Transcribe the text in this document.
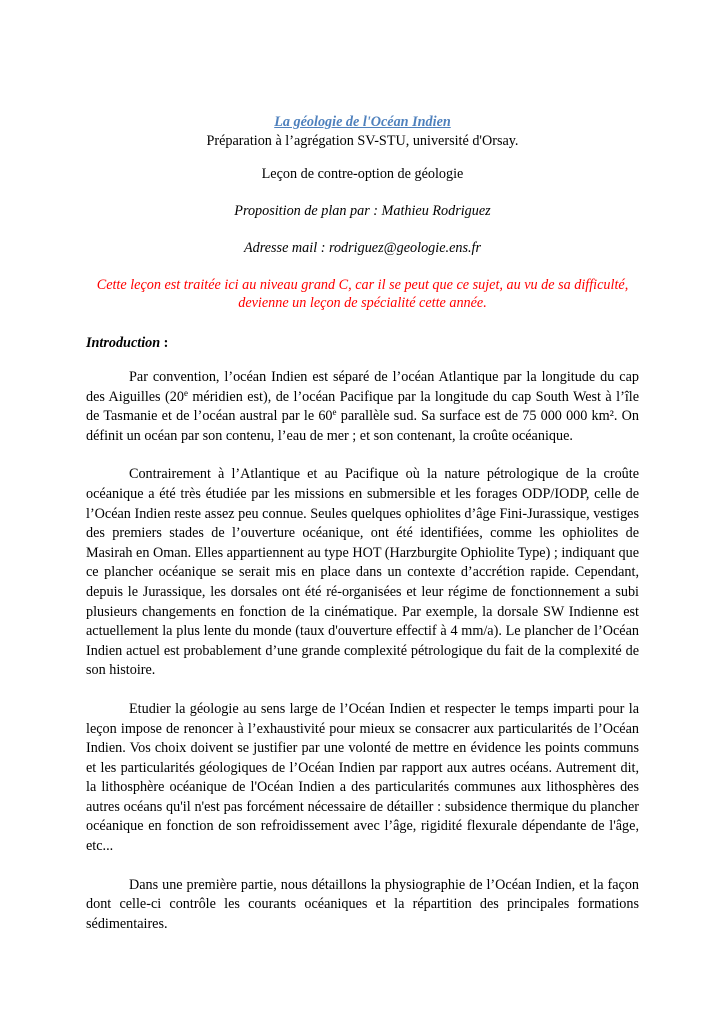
La géologie de l'Océan Indien

Préparation à l’agrégation SV-STU, université d'Orsay.

Leçon de contre-option de géologie

Proposition de plan par : Mathieu Rodriguez

Adresse mail : rodriguez@geologie.ens.fr

Cette leçon est traitée ici au niveau grand C, car il se peut que ce sujet, au vu de sa difficulté, devienne un leçon de spécialité cette année.

Introduction :

Par convention, l’océan Indien est séparé de l’océan Atlantique par la longitude du cap des Aiguilles (20e méridien est), de l’océan Pacifique par la longitude du cap South West à l’île de Tasmanie et de l’océan austral par le 60e parallèle sud. Sa surface est de 75 000 000 km². On définit un océan par son contenu, l’eau de mer ; et son contenant, la croûte océanique.

Contrairement à l’Atlantique et au Pacifique où la nature pétrologique de la croûte océanique a été très étudiée par les missions en submersible et les forages ODP/IODP, celle de l’Océan Indien reste assez peu connue. Seules quelques ophiolites d’âge Fini-Jurassique, vestiges des premiers stades de l’ouverture océanique, ont été identifiées, comme les ophiolites de Masirah en Oman. Elles appartiennent au type HOT (Harzburgite Ophiolite Type) ; indiquant que ce plancher océanique se serait mis en place dans un contexte d’accrétion rapide. Cependant, depuis le Jurassique, les dorsales ont été ré-organisées et leur régime de fonctionnement a subi plusieurs changements en fonction de la cinématique. Par exemple, la dorsale SW Indienne est actuellement la plus lente du monde (taux d'ouverture effectif à 4 mm/a). Le plancher de l’Océan Indien actuel est probablement d’une grande complexité pétrologique du fait de la complexité de son histoire.

Etudier la géologie au sens large de l’Océan Indien et respecter le temps imparti pour la leçon impose de renoncer à l’exhaustivité pour mieux se consacrer aux particularités de l’Océan Indien. Vos choix doivent se justifier par une volonté de mettre en évidence les points communs et les particularités géologiques de l’Océan Indien par rapport aux autres océans. Autrement dit, la lithosphère océanique de l'Océan Indien a des particularités communes aux lithosphères des autres océans qu'il n'est pas forcément nécessaire de détailler : subsidence thermique du plancher océanique en fonction de son refroidissement avec l’âge, rigidité flexurale dépendante de l'âge, etc...

Dans une première partie, nous détaillons la physiographie de l’Océan Indien, et la façon dont celle-ci contrôle les courants océaniques et la répartition des principales formations sédimentaires.
